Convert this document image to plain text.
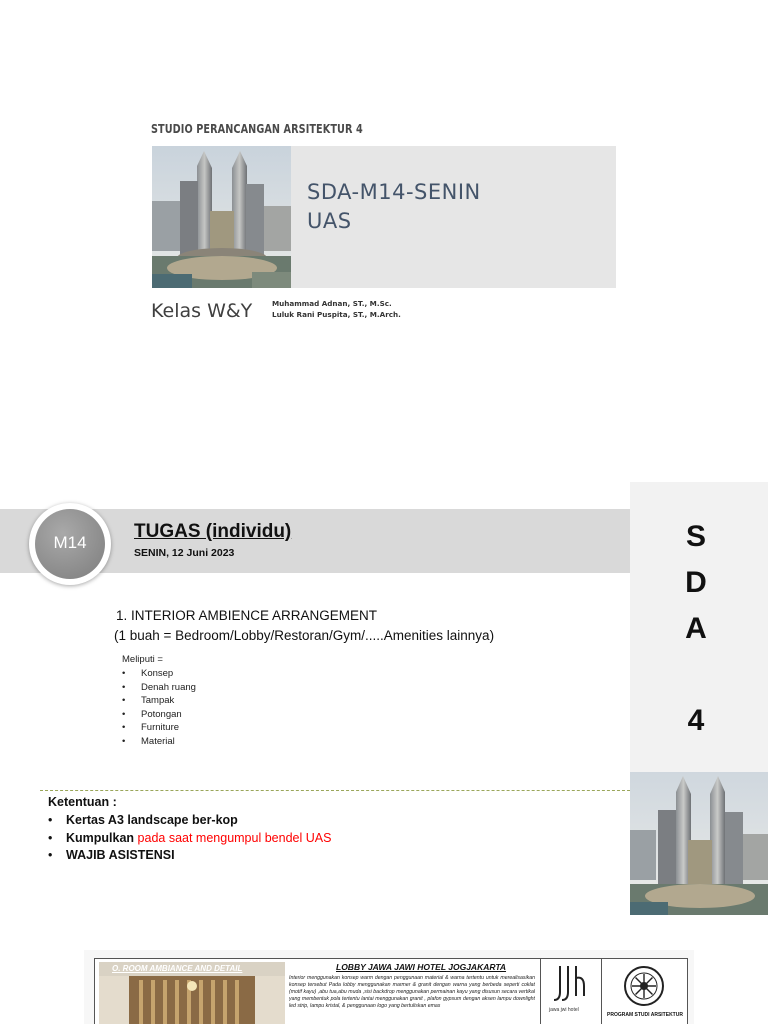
STUDIO PERANCANGAN ARSITEKTUR 4
SDA-M14-SENIN
UAS
Kelas W&Y	Muhammad Adnan, ST., M.Sc.
Luluk Rani Puspita, ST., M.Arch.
S
D
A
4
M14
TUGAS (individu)
SENIN, 12 Juni 2023
1. INTERIOR AMBIENCE ARRANGEMENT
(1 buah = Bedroom/Lobby/Restoran/Gym/.....Amenities lainnya)
Meliputi =
• Konsep
• Denah ruang
• Tampak
• Potongan
• Furniture
• Material
Ketentuan :
• Kertas A3 landscape ber-kop
• Kumpulkan pada saat mengumpul bendel UAS
• WAJIB ASISTENSI
O. ROOM AMBIANCE AND DETAIL	LOBBY JAWA JAWI HOTEL JOGJAKARTA
Interior menggunakan konsep warm dengan penggunaan material & warna tertentu untuk merealisasikan konsep tersebut Pada lobby menggunakan marmer & granit dengan warna yang berbeda seperti coklat (motif kayu) ,abu tua,abu muda ,sisi backdrop menggunakan permainan kayu yang disusun secara vertikal yang membentuk pola tertentu lantai menggunakan granit , plafon gypsum dengan aksen lampu downlight led strip, lampu kristal, & penggunaan logo yang bertuliskan emas
jawa jwi hotel
PROGRAM STUDI ARSITEKTUR
